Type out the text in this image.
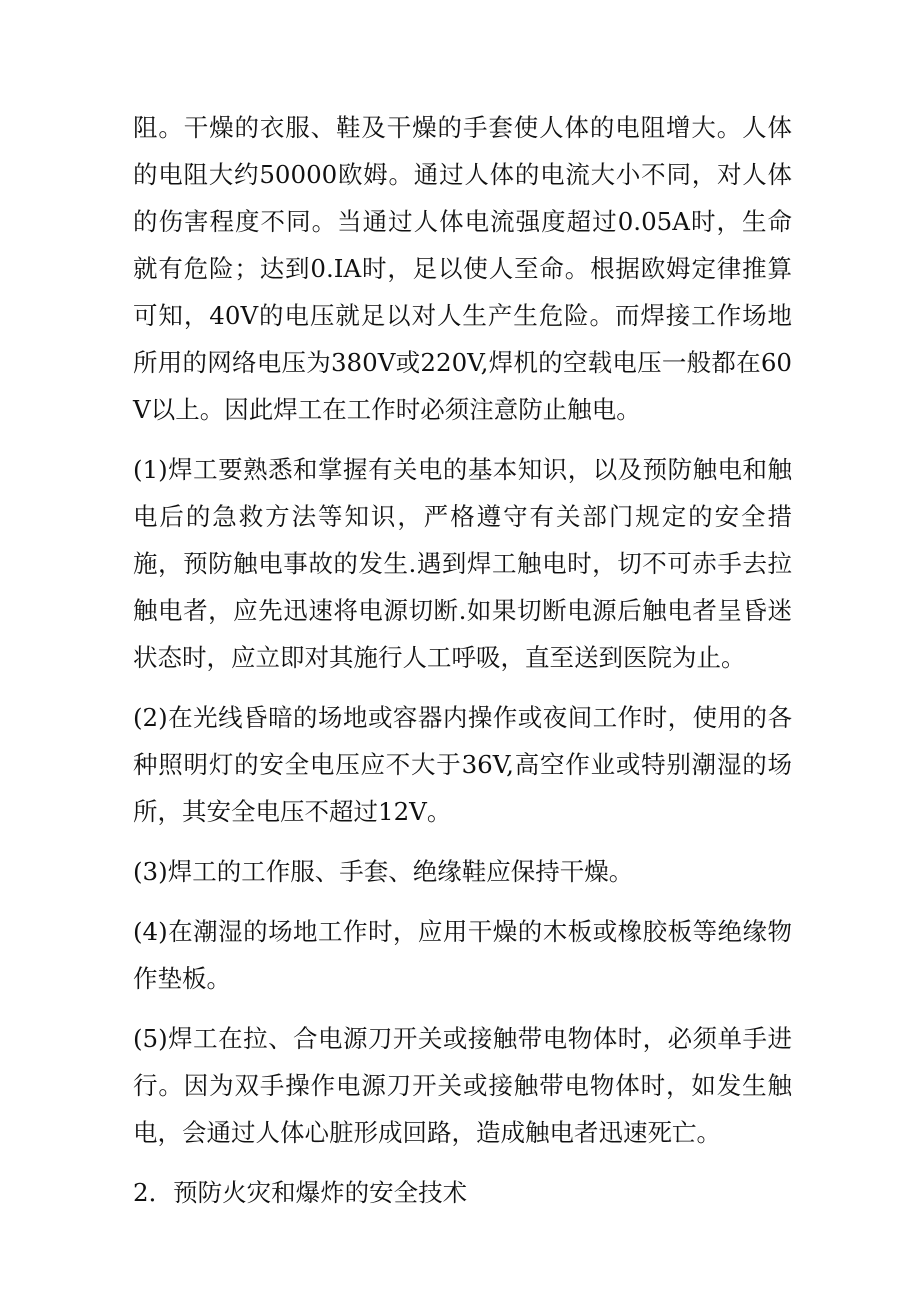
阻。干燥的衣服、鞋及干燥的手套使人体的电阻增大。人体的电阻大约50000欧姆。通过人体的电流大小不同，对人体的伤害程度不同。当通过人体电流强度超过0.05A时，生命就有危险；达到0.IA时，足以使人至命。根据欧姆定律推算可知，40V的电压就足以对人生产生危险。而焊接工作场地所用的网络电压为380V或220V,焊机的空载电压一般都在60V以上。因此焊工在工作时必须注意防止触电。

(1)焊工要熟悉和掌握有关电的基本知识，以及预防触电和触电后的急救方法等知识，严格遵守有关部门规定的安全措施，预防触电事故的发生.遇到焊工触电时，切不可赤手去拉触电者，应先迅速将电源切断.如果切断电源后触电者呈昏迷状态时，应立即对其施行人工呼吸，直至送到医院为止。

(2)在光线昏暗的场地或容器内操作或夜间工作时，使用的各种照明灯的安全电压应不大于36V,高空作业或特别潮湿的场所，其安全电压不超过12V。

(3)焊工的工作服、手套、绝缘鞋应保持干燥。

(4)在潮湿的场地工作时，应用干燥的木板或橡胶板等绝缘物作垫板。

(5)焊工在拉、合电源刀开关或接触带电物体时，必须单手进行。因为双手操作电源刀开关或接触带电物体时，如发生触电，会通过人体心脏形成回路，造成触电者迅速死亡。

2．预防火灾和爆炸的安全技术
